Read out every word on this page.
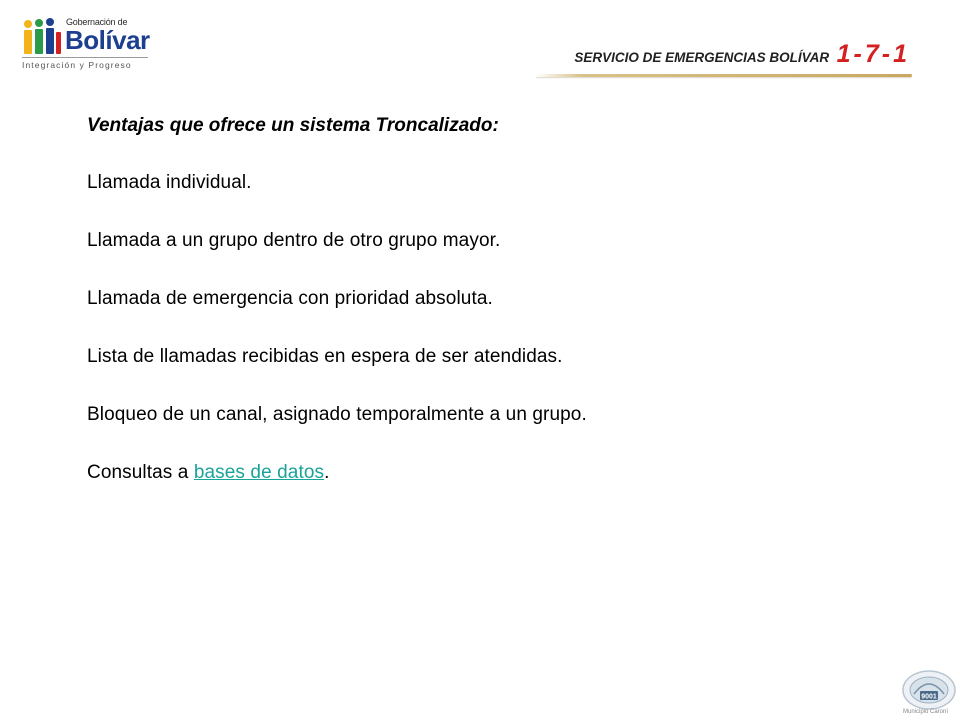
Gobernación de
Bolívar
Integración y Progreso	SERVICIO DE EMERGENCIAS BOLÍVAR 1-7-1
Ventajas que ofrece un sistema Troncalizado:
Llamada individual.
Llamada a un grupo dentro de otro grupo mayor.
Llamada de emergencia con prioridad absoluta.
Lista de llamadas recibidas en espera de ser atendidas.
Bloqueo de un canal, asignado temporalmente a un grupo.
Consultas a bases de datos.
9001
Municipio Caroní
